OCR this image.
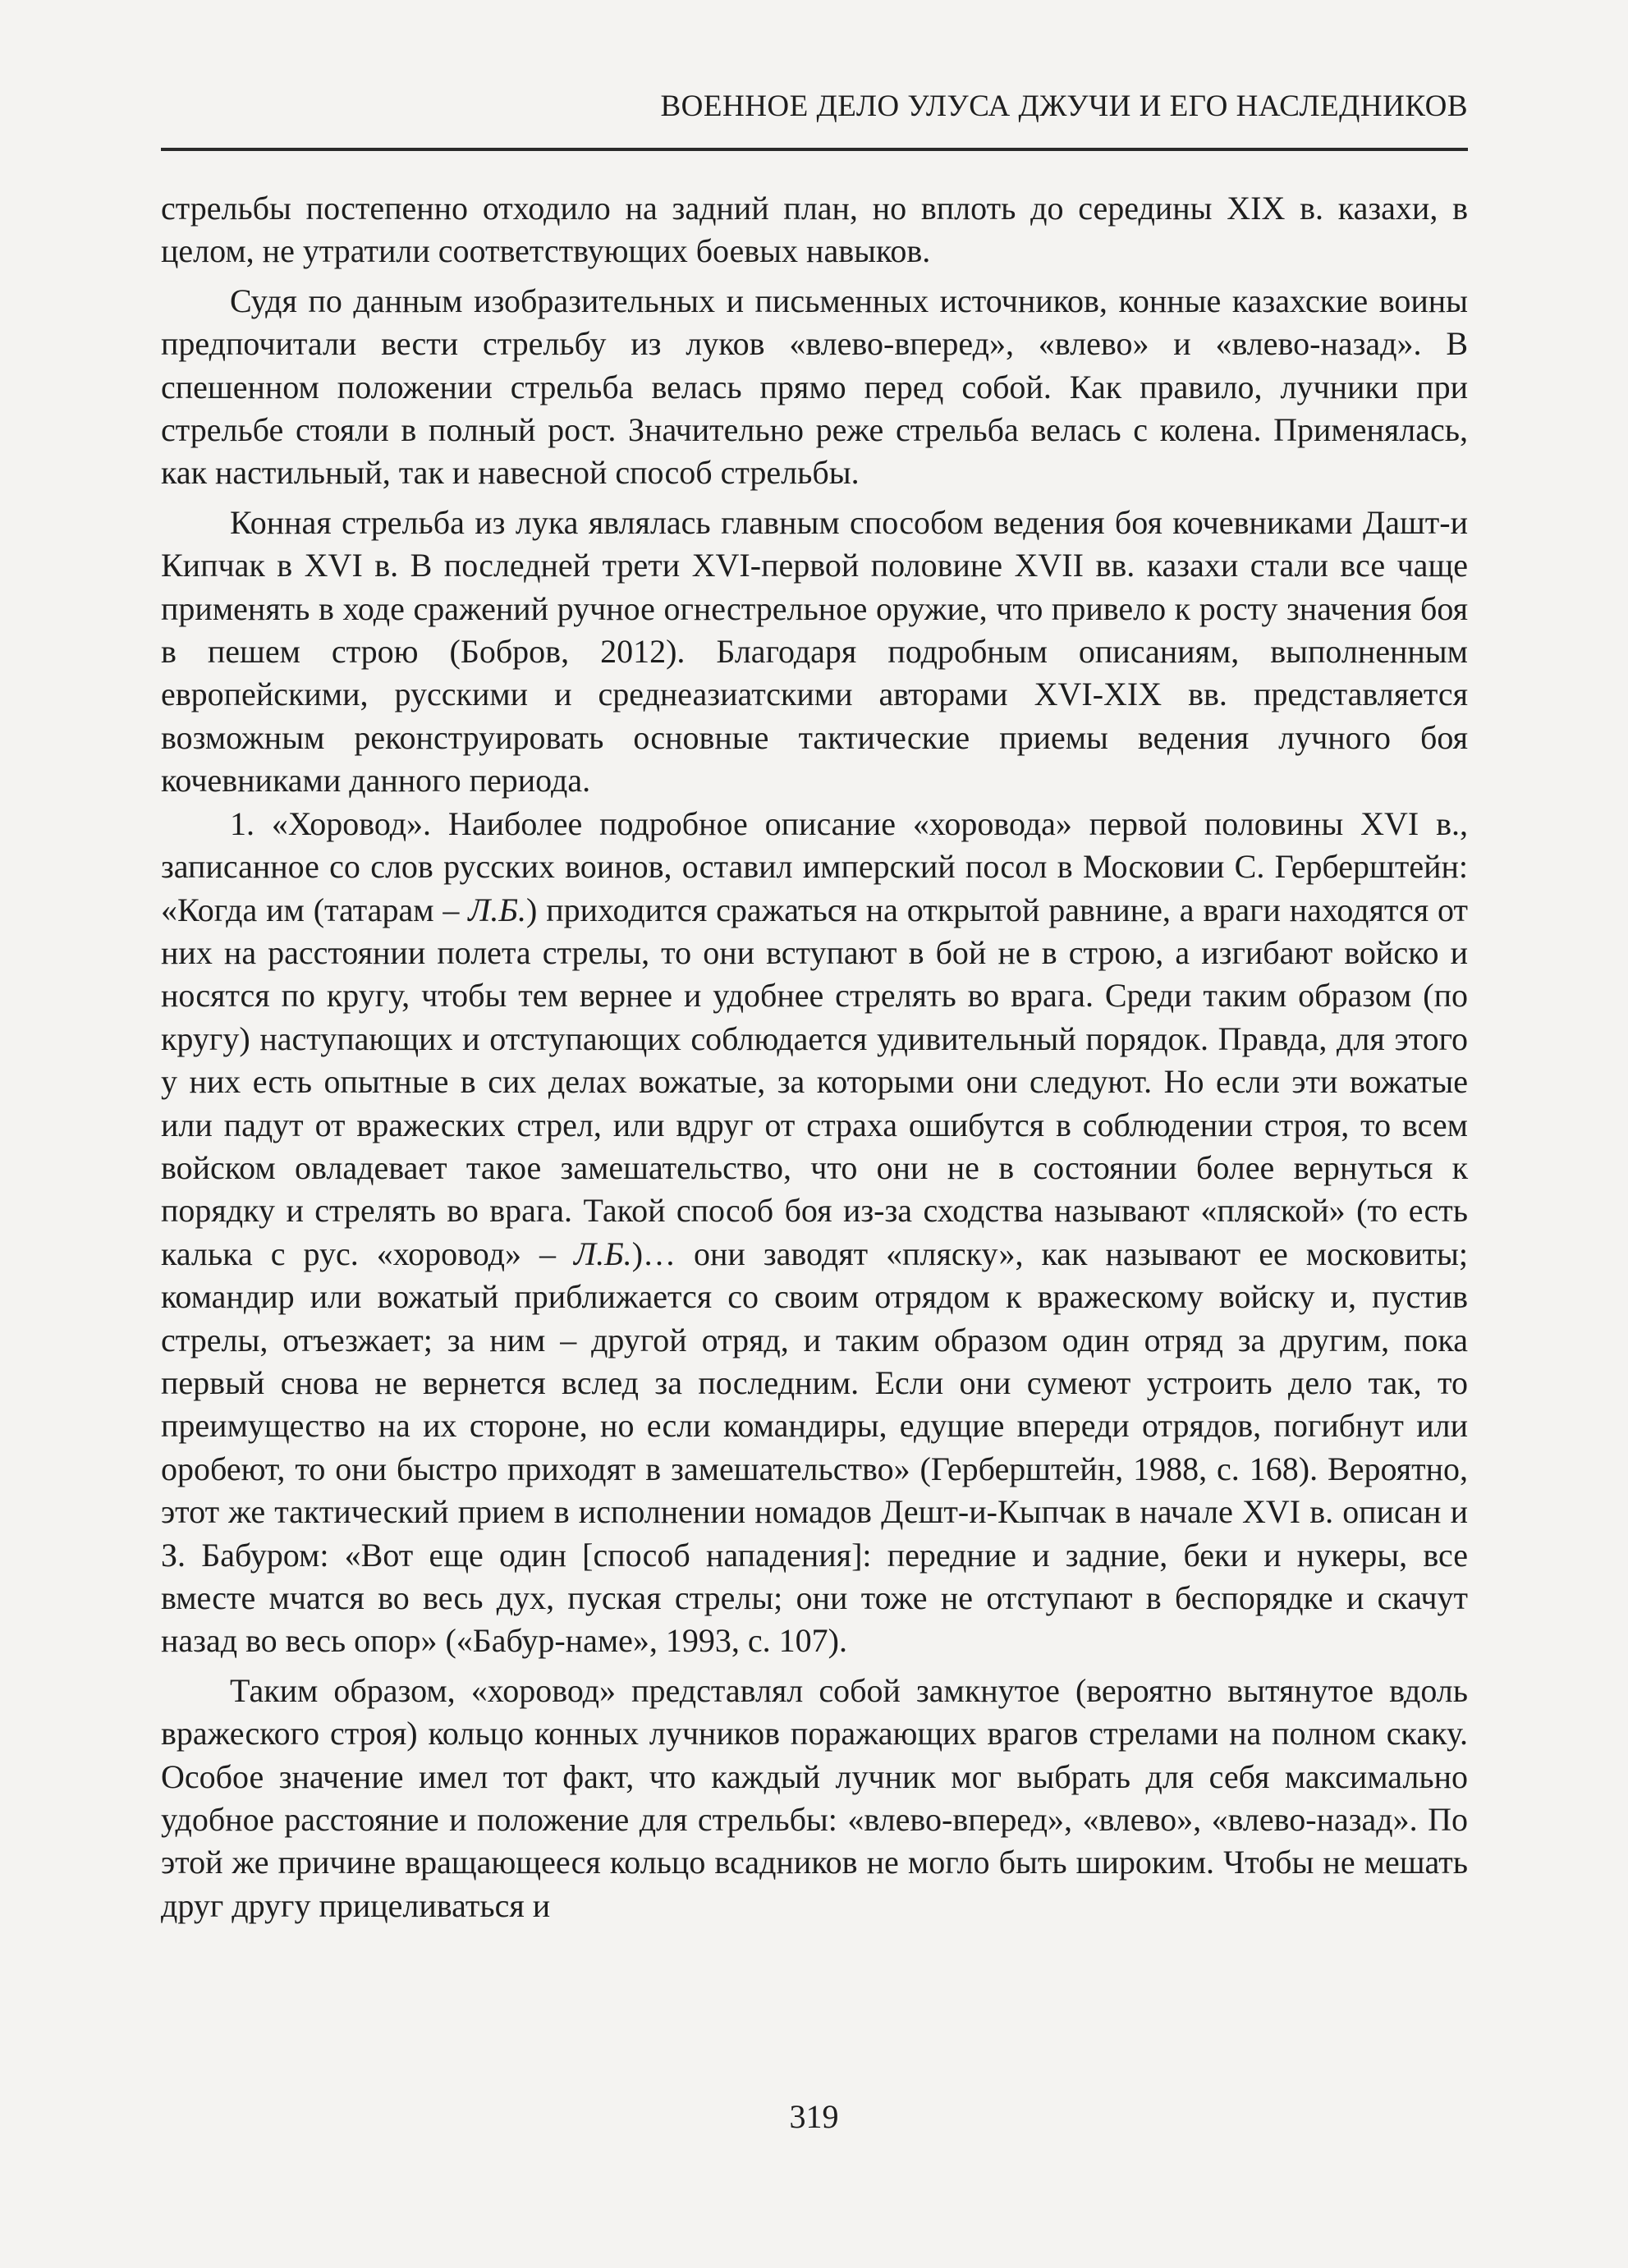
ВОЕННОЕ ДЕЛО УЛУСА ДЖУЧИ И ЕГО НАСЛЕДНИКОВ

стрельбы постепенно отходило на задний план, но вплоть до середины XIX в. казахи, в целом, не утратили соответствующих боевых навыков.

Судя по данным изобразительных и письменных источников, конные казахские воины предпочитали вести стрельбу из луков «влево-вперед», «влево» и «влево-назад». В спешенном положении стрельба велась прямо перед собой. Как правило, лучники при стрельбе стояли в полный рост. Значительно реже стрельба велась с колена. Применялась, как настильный, так и навесной способ стрельбы.

Конная стрельба из лука являлась главным способом ведения боя кочевниками Дашт-и Кипчак в XVI в. В последней трети XVI-первой половине XVII вв. казахи стали все чаще применять в ходе сражений ручное огнестрельное оружие, что привело к росту значения боя в пешем строю (Бобров, 2012). Благодаря подробным описаниям, выполненным европейскими, русскими и среднеазиатскими авторами XVI-XIX вв. представляется возможным реконструировать основные тактические приемы ведения лучного боя кочевниками данного периода.

1. «Хоровод». Наиболее подробное описание «хоровода» первой половины XVI в., записанное со слов русских воинов, оставил имперский посол в Московии С. Герберштейн: «Когда им (татарам – Л.Б.) приходится сражаться на открытой равнине, а враги находятся от них на расстоянии полета стрелы, то они вступают в бой не в строю, а изгибают войско и носятся по кругу, чтобы тем вернее и удобнее стрелять во врага. Среди таким образом (по кругу) наступающих и отступающих соблюдается удивительный порядок. Правда, для этого у них есть опытные в сих делах вожатые, за которыми они следуют. Но если эти вожатые или падут от вражеских стрел, или вдруг от страха ошибутся в соблюдении строя, то всем войском овладевает такое замешательство, что они не в состоянии более вернуться к порядку и стрелять во врага. Такой способ боя из-за сходства называют «пляской» (то есть калька с рус. «хоровод» – Л.Б.)… они заводят «пляску», как называют ее московиты; командир или вожатый приближается со своим отрядом к вражескому войску и, пустив стрелы, отъезжает; за ним – другой отряд, и таким образом один отряд за другим, пока первый снова не вернется вслед за последним. Если они сумеют устроить дело так, то преимущество на их стороне, но если командиры, едущие впереди отрядов, погибнут или оробеют, то они быстро приходят в замешательство» (Герберштейн, 1988, с. 168). Вероятно, этот же тактический прием в исполнении номадов Дешт-и-Кыпчак в начале XVI в. описан и З. Бабуром: «Вот еще один [способ нападения]: передние и задние, беки и нукеры, все вместе мчатся во весь дух, пуская стрелы; они тоже не отступают в беспорядке и скачут назад во весь опор» («Бабур-наме», 1993, с. 107).

Таким образом, «хоровод» представлял собой замкнутое (вероятно вытянутое вдоль вражеского строя) кольцо конных лучников поражающих врагов стрелами на полном скаку. Особое значение имел тот факт, что каждый лучник мог выбрать для себя максимально удобное расстояние и положение для стрельбы: «влево-вперед», «влево», «влево-назад». По этой же причине вращающееся кольцо всадников не могло быть широким. Чтобы не мешать друг другу прицеливаться и

319
